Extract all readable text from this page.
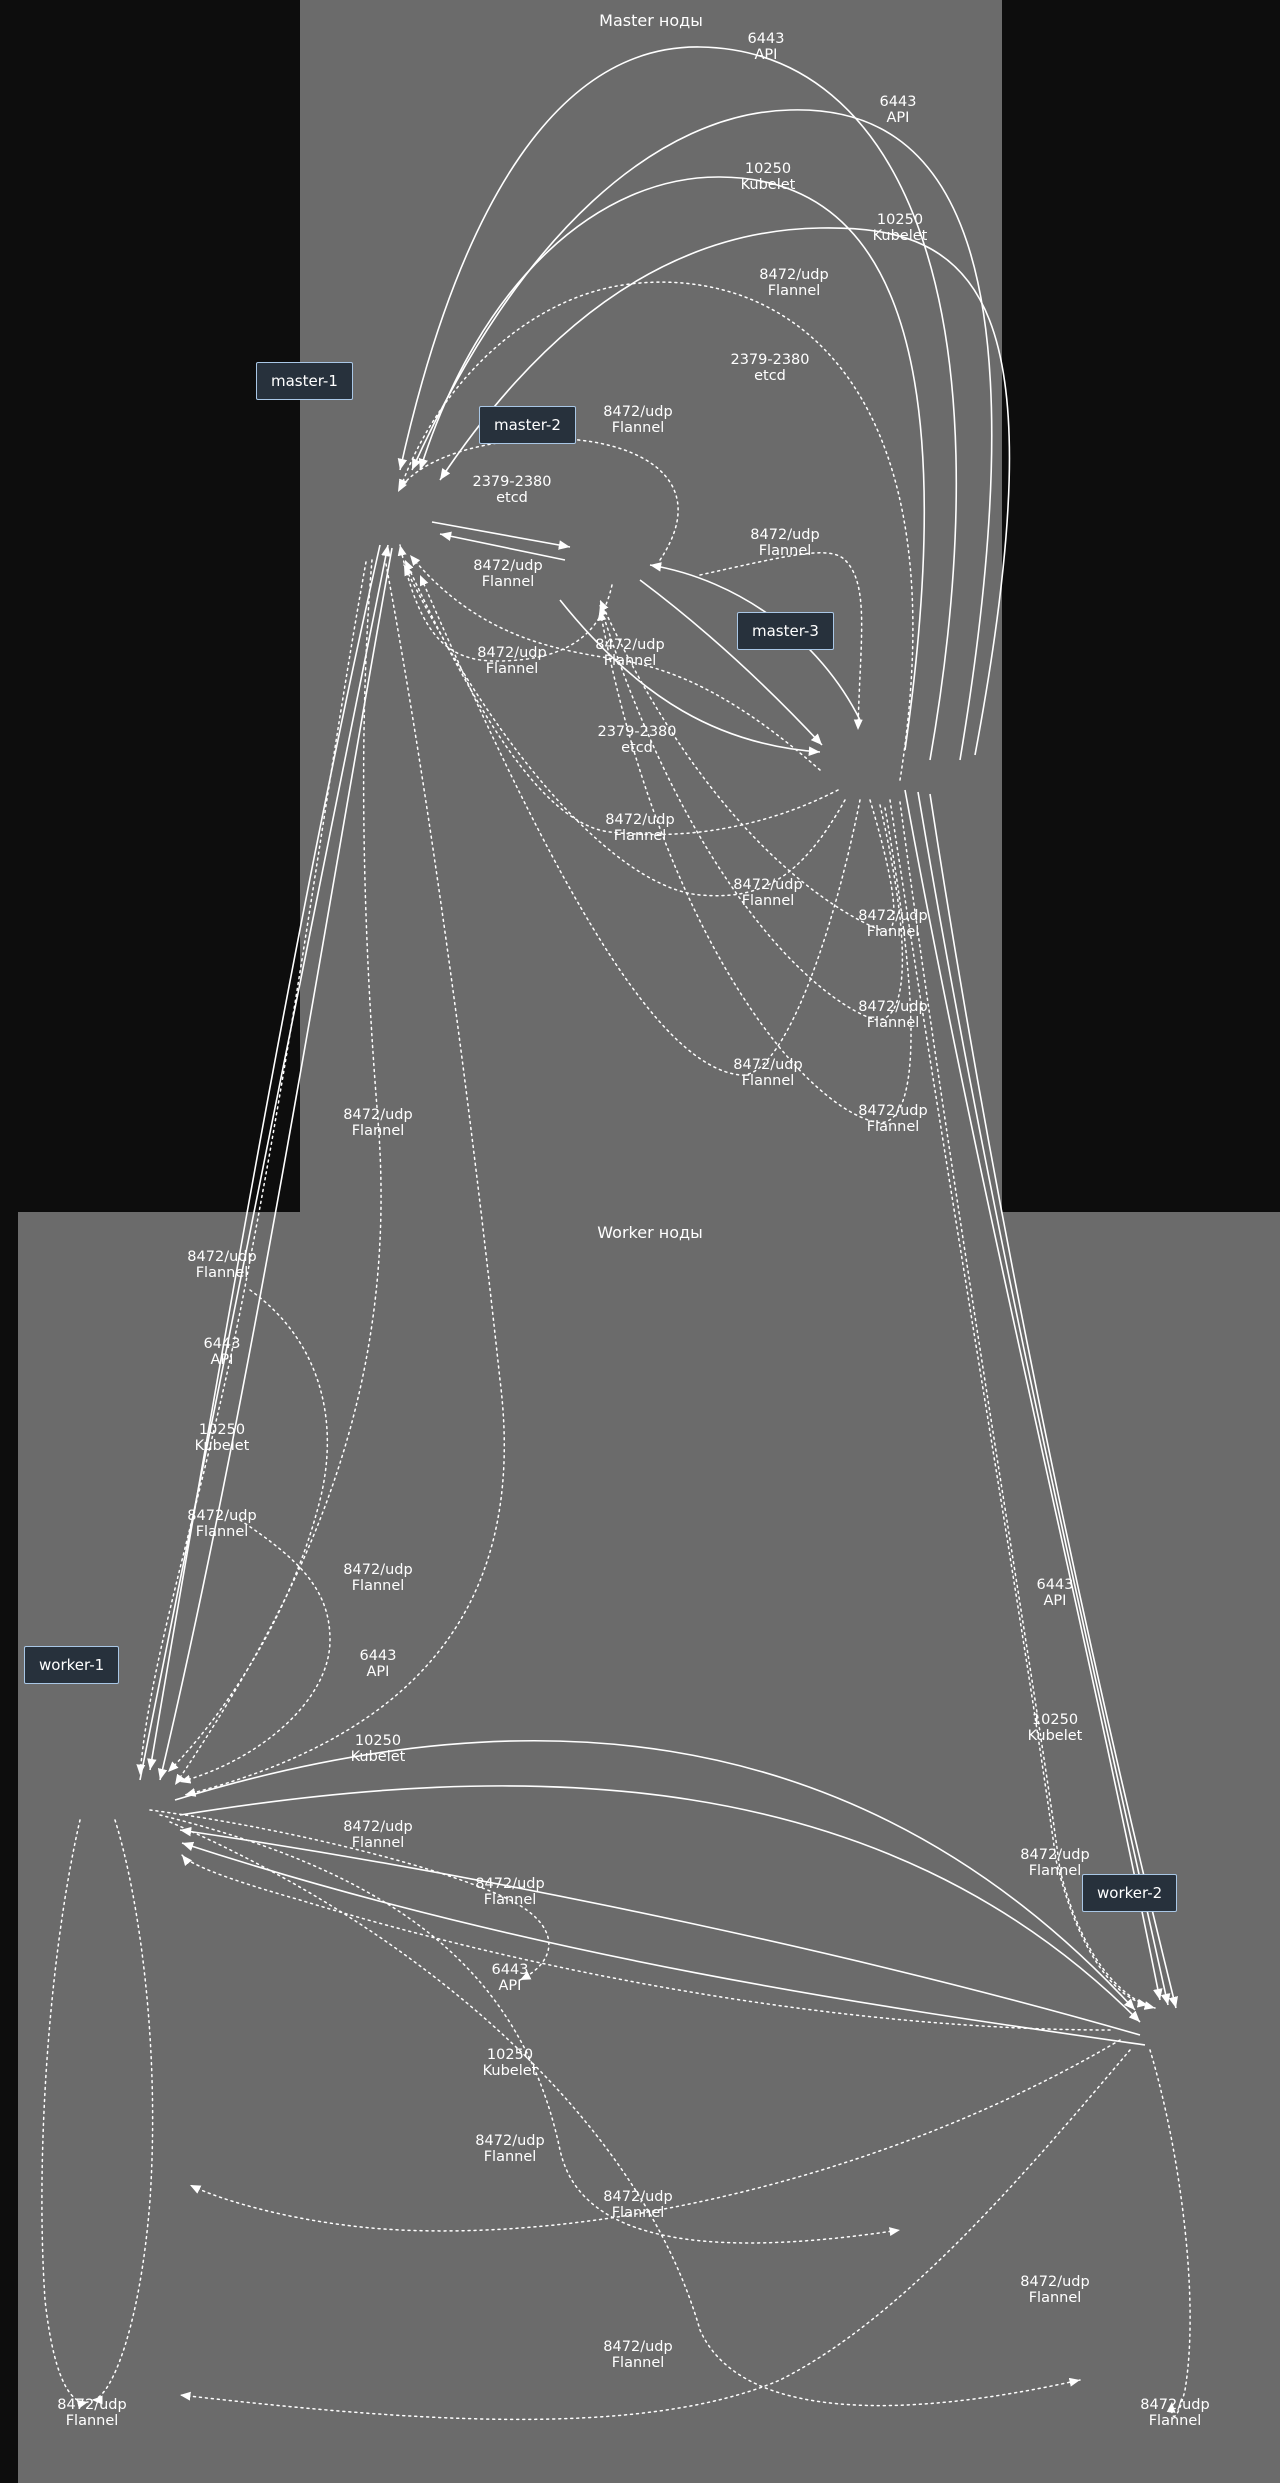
Master ноды
Worker ноды
master-1
master-2
master-3
worker-1
worker-2
6443
API
6443
API
10250
Kubelet
10250
Kubelet
8472/udp
Flannel
2379-2380
etcd
8472/udp
Flannel
2379-2380
etcd
8472/udp
Flannel
8472/udp
Flannel
8472/udp
Flannel
8472/udp
Flannel
2379-2380
etcd
8472/udp
Flannel
8472/udp
Flannel
8472/udp
Flannel
8472/udp
Flannel
8472/udp
Flannel
8472/udp
Flannel
8472/udp
Flannel
8472/udp
Flannel
6443
API
10250
Kubelet
8472/udp
Flannel
8472/udp
Flannel
6443
API
10250
Kubelet
8472/udp
Flannel
8472/udp
Flannel
6443
API
10250
Kubelet
8472/udp
Flannel
8472/udp
Flannel
8472/udp
Flannel
6443
API
10250
Kubelet
8472/udp
Flannel
8472/udp
Flannel
8472/udp
Flannel
8472/udp
Flannel
